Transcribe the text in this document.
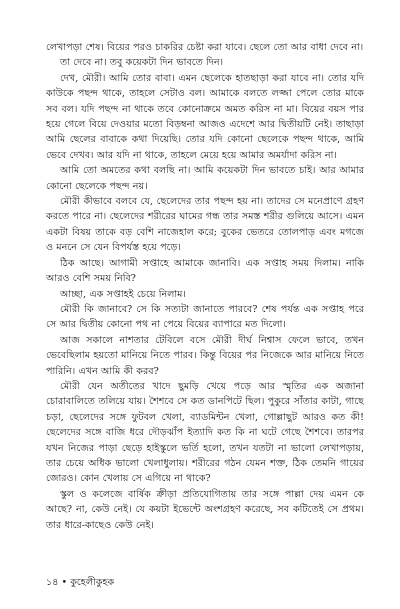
লেখাপড়া শেষ। বিয়ের পরও চাকরির চেষ্টা করা যাবে। ছেলে তো আর বাধা দেবে না।

তা দেবে না। তবু কয়েকটা দিন ভাবতে দিন।

দেখ, মৌরী। আমি তোর বাবা। এমন ছেলেকে হাতছাড়া করা যাবে না। তোর যদি কাউকে পছন্দ থাকে, তাহলে সেটাও বল। আমাকে বলতে লজ্জা পেলে তোর মাকে সব বল। যদি পছন্দ না থাকে তবে কোনোক্রমে অমত করিস না মা। বিয়ের বয়স পার হয়ে গেলে বিয়ে দেওয়ার মতো বিড়ম্বনা আজও এদেশে আর দ্বিতীয়টি নেই। তাছাড়া আমি ছেলের বাবাকে কথা দিয়েছি। তোর যদি কোনো ছেলেকে পছন্দ থাকে, আমি ভেবে দেখব। আর যদি না থাকে, তাহলে মেয়ে হয়ে আমার অমর্যাদা করিস না।

আমি তো অমতের কথা বলছি না। আমি কয়েকটা দিন ভাবতে চাই। আর আমার কোনো ছেলেকে পছন্দ নয়।

মৌরী কীভাবে বলবে যে, ছেলেদের তার পছন্দ হয় না। তাদের সে মনেপ্রাণে গ্রহণ করতে পারে না। ছেলেদের শরীরের ঘামের গন্ধ তার সমস্ত শরীর গুলিয়ে আসে। এমন একটা বিষয় তাকে বড় বেশি নাজেহাল করে; বুকের ভেতরে তোলপাড় এবং মগজে ও মননে সে যেন বিপর্যস্ত হয়ে পড়ে।

ঠিক আছে। আগামী সপ্তাহে আমাকে জানাবি। এক সপ্তাহ সময় দিলাম। নাকি আরও বেশি সময় নিবি?

আচ্ছা, এক সপ্তাহই চেয়ে নিলাম।

মৌরী কি জানাবে? সে কি সত্যটা জানাতে পারবে? শেষ পর্যন্ত এক সপ্তাহ পরে সে আর দ্বিতীয় কোনো পথ না পেয়ে বিয়ের ব্যাপারে মত দিলো।

আজ সকালে নাশতার টেবিলে বসে মৌরী দীর্ঘ নিশ্বাস ফেলে ভাবে, তখন ভেবেছিলাম হয়তো মানিয়ে নিতে পারব। কিন্তু বিয়ের পর নিজেকে আর মানিয়ে নিতে পারিনি। এখন আমি কী করব?

মৌরী যেন অতীতের খাদে ছুমড়ি খেয়ে পড়ে আর স্মৃতির এক অজানা চোরাবালিতে তলিয়ে যায়। শৈশবে সে কত ডানপিটে ছিল। পুকুরে সাঁতার কাটা, গাছে চড়া, ছেলেদের সঙ্গে ফুটবল খেলা, ব্যাডমিন্টন খেলা, গোল্লাছুট আরও কত কী! ছেলেদের সঙ্গে বাজি ধরে দৌড়ঝাঁপ ইত্যাদি কত কি না ঘটে গেছে শৈশবে। তারপর যখন নিজের পাড়া ছেড়ে হাইস্কুলে ভর্তি হলো, তখন যতটা না ভালো লেখাপড়ায়, তার চেয়ে অধিক ভালো খেলাধুলায়। শরীরের গঠন যেমন শক্ত, ঠিক তেমনি গায়ের জোরও। কোন খেলায় সে এগিয়ে না থাকে?

স্কুল ও কলেজে বার্ষিক ক্রীড়া প্রতিযোগিতায় তার সঙ্গে পাল্লা দেয় এমন কে আছে? না, কেউ নেই। যে কয়টা ইভেন্টে অংশগ্রহণ করেছে, সব কটিতেই সে প্রথম। তার ধারে-কাছেও কেউ নেই।

১৪ • কুহেলীকুহক
